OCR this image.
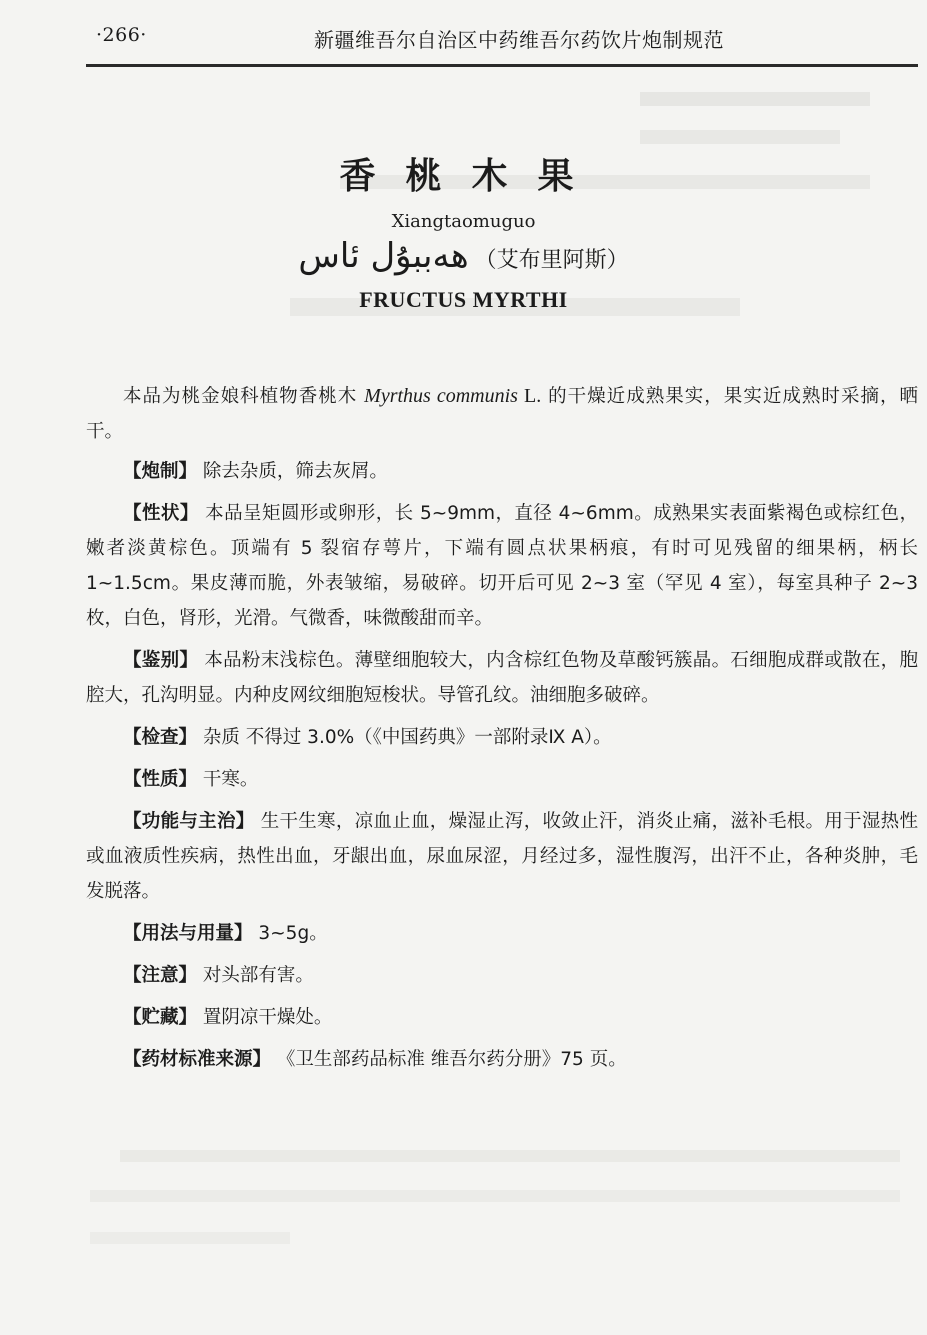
·266·	新疆维吾尔自治区中药维吾尔药饮片炮制规范
香桃木果
Xiangtaomuguo
ھەببۇل ئاس （艾布里阿斯）
FRUCTUS MYRTHI

本品为桃金娘科植物香桃木 Myrthus communis L. 的干燥近成熟果实，果实近成熟时采摘，晒干。

【炮制】 除去杂质，筛去灰屑。

【性状】 本品呈矩圆形或卵形，长 5~9mm，直径 4~6mm。成熟果实表面紫褐色或棕红色，嫩者淡黄棕色。顶端有 5 裂宿存萼片，下端有圆点状果柄痕，有时可见残留的细果柄，柄长 1~1.5cm。果皮薄而脆，外表皱缩，易破碎。切开后可见 2~3 室（罕见 4 室），每室具种子 2~3 枚，白色，肾形，光滑。气微香，味微酸甜而辛。

【鉴别】 本品粉末浅棕色。薄壁细胞较大，内含棕红色物及草酸钙簇晶。石细胞成群或散在，胞腔大，孔沟明显。内种皮网纹细胞短梭状。导管孔纹。油细胞多破碎。

【检查】 杂质 不得过 3.0%（《中国药典》一部附录Ⅸ A）。

【性质】 干寒。

【功能与主治】 生干生寒，凉血止血，燥湿止泻，收敛止汗，消炎止痛，滋补毛根。用于湿热性或血液质性疾病，热性出血，牙龈出血，尿血尿涩，月经过多，湿性腹泻，出汗不止，各种炎肿，毛发脱落。

【用法与用量】 3~5g。

【注意】 对头部有害。

【贮藏】 置阴凉干燥处。

【药材标准来源】 《卫生部药品标准 维吾尔药分册》75 页。
